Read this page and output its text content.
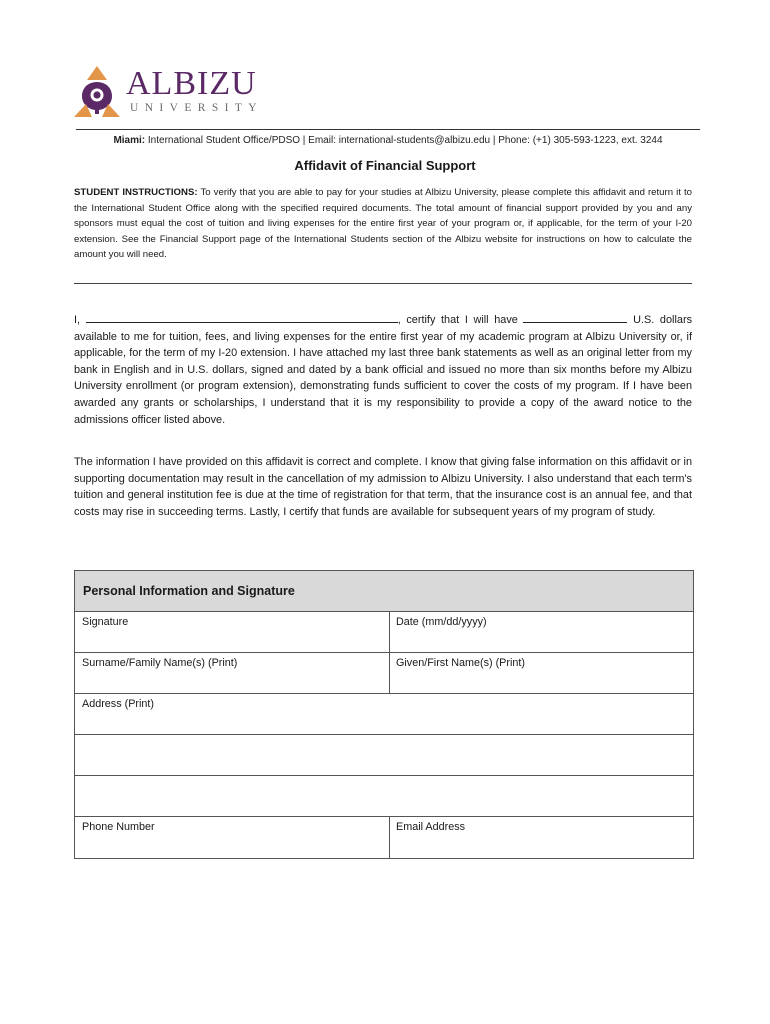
ALBIZU
UNIVERSITY
Miami: International Student Office/PDSO | Email: international-students@albizu.edu | Phone: (+1) 305-593-1223, ext. 3244
Affidavit of Financial Support
STUDENT INSTRUCTIONS: To verify that you are able to pay for your studies at Albizu University, please complete this affidavit and return it to the International Student Office along with the specified required documents. The total amount of financial support provided by you and any sponsors must equal the cost of tuition and living expenses for the entire first year of your program or, if applicable, for the term of your I-20 extension. See the Financial Support page of the International Students section of the Albizu website for instructions on how to calculate the amount you will need.
I,	, certify that I will have	U.S. dollars available to me for tuition, fees, and living expenses for the entire first year of my academic program at Albizu University or, if applicable, for the term of my I-20 extension. I have attached my last three bank statements as well as an original letter from my bank in English and in U.S. dollars, signed and dated by a bank official and issued no more than six months before my Albizu University enrollment (or program extension), demonstrating funds sufficient to cover the costs of my program. If I have been awarded any grants or scholarships, I understand that it is my responsibility to provide a copy of the award notice to the admissions officer listed above.
The information I have provided on this affidavit is correct and complete. I know that giving false information on this affidavit or in supporting documentation may result in the cancellation of my admission to Albizu University. I also understand that each term's tuition and general institution fee is due at the time of registration for that term, that the insurance cost is an annual fee, and that costs may rise in succeeding terms. Lastly, I certify that funds are available for subsequent years of my program of study.
Personal Information and Signature
Signature	Date (mm/dd/yyyy)
Surname/Family Name(s) (Print)	Given/First Name(s) (Print)
Address (Print)
Phone Number	Email Address
